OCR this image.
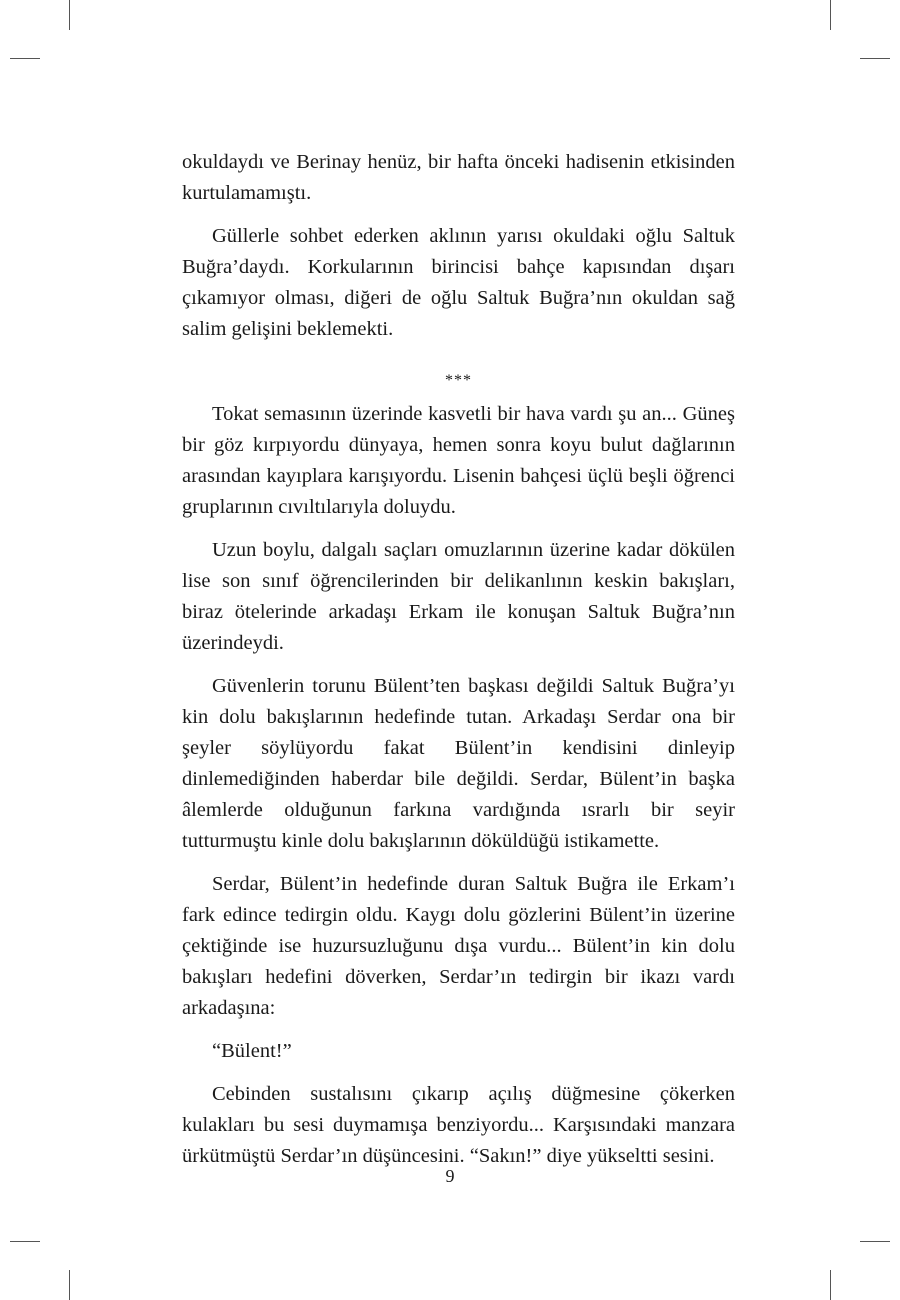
okuldaydı ve Berinay henüz, bir hafta önceki hadisenin etkisinden kurtulamamıştı.

Güllerle sohbet ederken aklının yarısı okuldaki oğlu Saltuk Buğra’daydı. Korkularının birincisi bahçe kapısından dışarı çıkamıyor olması, diğeri de oğlu Saltuk Buğra’nın okuldan sağ salim gelişini beklemekti.

***

Tokat semasının üzerinde kasvetli bir hava vardı şu an... Güneş bir göz kırpıyordu dünyaya, hemen sonra koyu bulut dağlarının arasından kayıplara karışıyordu. Lisenin bahçesi üçlü beşli öğrenci gruplarının cıvıltılarıyla doluydu.

Uzun boylu, dalgalı saçları omuzlarının üzerine kadar dökülen lise son sınıf öğrencilerinden bir delikanlının keskin bakışları, biraz ötelerinde arkadaşı Erkam ile konuşan Saltuk Buğra’nın üzerindeydi.

Güvenlerin torunu Bülent’ten başkası değildi Saltuk Buğra’yı kin dolu bakışlarının hedefinde tutan. Arkadaşı Serdar ona bir şeyler söylüyordu fakat Bülent’in kendisini dinleyip dinlemediğinden haberdar bile değildi. Serdar, Bülent’in başka âlemlerde olduğunun farkına vardığında ısrarlı bir seyir tutturmuştu kinle dolu bakışlarının döküldüğü istikamette.

Serdar, Bülent’in hedefinde duran Saltuk Buğra ile Erkam’ı fark edince tedirgin oldu. Kaygı dolu gözlerini Bülent’in üzerine çektiğinde ise huzursuzluğunu dışa vurdu... Bülent’in kin dolu bakışları hedefini döverken, Serdar’ın tedirgin bir ikazı vardı arkadaşına:

“Bülent!”

Cebinden sustalısını çıkarıp açılış düğmesine çökerken kulakları bu sesi duymamışa benziyordu... Karşısındaki manzara ürkütmüştü Serdar’ın düşüncesini. “Sakın!” diye yükseltti sesini.

9
